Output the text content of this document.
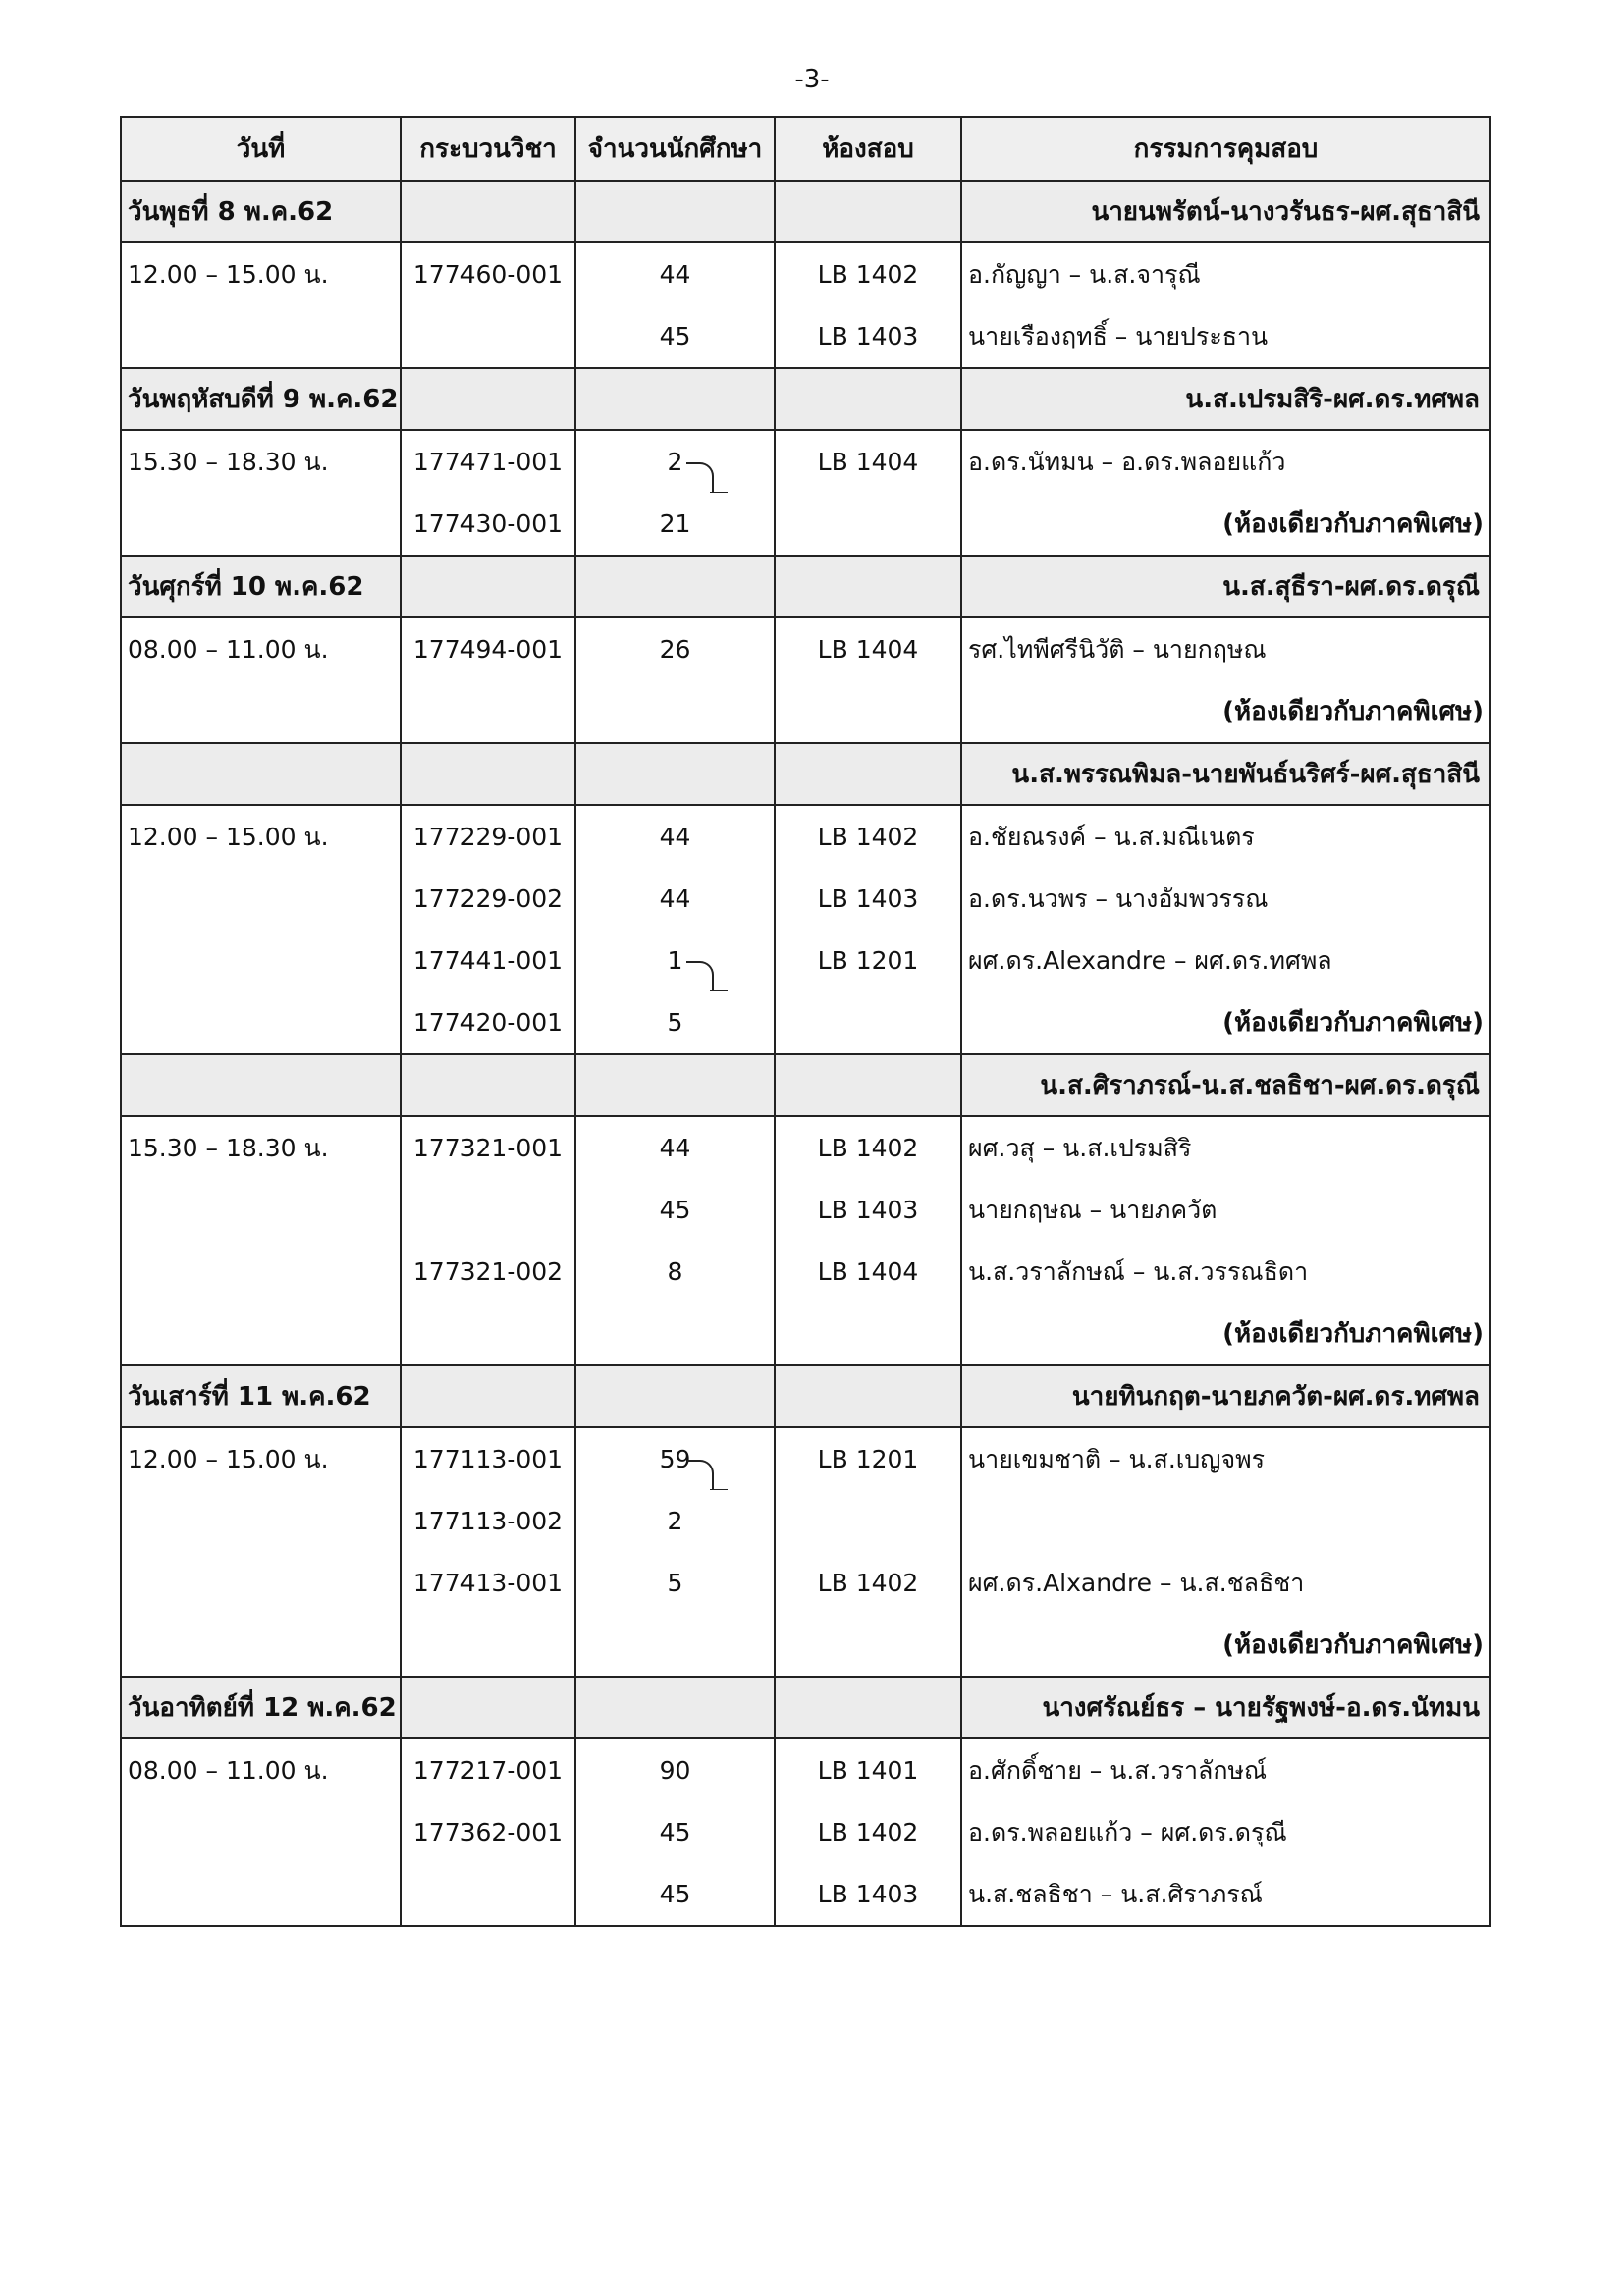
-3-
วันที่	กระบวนวิชา	จำนวนนักศึกษา	ห้องสอบ	กรรมการคุมสอบ
วันพุธที่ 8 พ.ค.62				นายนพรัตน์-นางวรันธร-ผศ.สุธาสินี
12.00 – 15.00 น.	177460-001	44	LB 1402	อ.กัญญา – น.ส.จารุณี
		45	LB 1403	นายเรืองฤทธิ์ – นายประธาน
วันพฤหัสบดีที่ 9 พ.ค.62				น.ส.เปรมสิริ-ผศ.ดร.ทศพล
15.30 – 18.30 น.	177471-001	2	LB 1404	อ.ดร.นัทมน – อ.ดร.พลอยแก้ว
	177430-001	21		(ห้องเดียวกับภาคพิเศษ)
วันศุกร์ที่ 10 พ.ค.62				น.ส.สุธีรา-ผศ.ดร.ดรุณี
08.00 – 11.00 น.	177494-001	26	LB 1404	รศ.ไทพีศรีนิวัติ – นายกฤษณ
				(ห้องเดียวกับภาคพิเศษ)
				น.ส.พรรณพิมล-นายพันธ์นริศร์-ผศ.สุธาสินี
12.00 – 15.00 น.	177229-001	44	LB 1402	อ.ชัยณรงค์ – น.ส.มณีเนตร
	177229-002	44	LB 1403	อ.ดร.นวพร – นางอัมพวรรณ
	177441-001	1	LB 1201	ผศ.ดร.Alexandre – ผศ.ดร.ทศพล
	177420-001	5		(ห้องเดียวกับภาคพิเศษ)
				น.ส.ศิราภรณ์-น.ส.ชลธิชา-ผศ.ดร.ดรุณี
15.30 – 18.30 น.	177321-001	44	LB 1402	ผศ.วสุ – น.ส.เปรมสิริ
		45	LB 1403	นายกฤษณ – นายภควัต
	177321-002	8	LB 1404	น.ส.วราลักษณ์ – น.ส.วรรณธิดา
				(ห้องเดียวกับภาคพิเศษ)
วันเสาร์ที่ 11 พ.ค.62				นายทินกฤต-นายภควัต-ผศ.ดร.ทศพล
12.00 – 15.00 น.	177113-001	59	LB 1201	นายเขมชาติ – น.ส.เบญจพร
	177113-002	2		
	177413-001	5	LB 1402	ผศ.ดร.Alxandre – น.ส.ชลธิชา
				(ห้องเดียวกับภาคพิเศษ)
วันอาทิตย์ที่ 12 พ.ค.62				นางศรัณย์ธร – นายรัฐพงษ์-อ.ดร.นัทมน
08.00 – 11.00 น.	177217-001	90	LB 1401	อ.ศักดิ์ชาย – น.ส.วราลักษณ์
	177362-001	45	LB 1402	อ.ดร.พลอยแก้ว – ผศ.ดร.ดรุณี
		45	LB 1403	น.ส.ชลธิชา – น.ส.ศิราภรณ์
